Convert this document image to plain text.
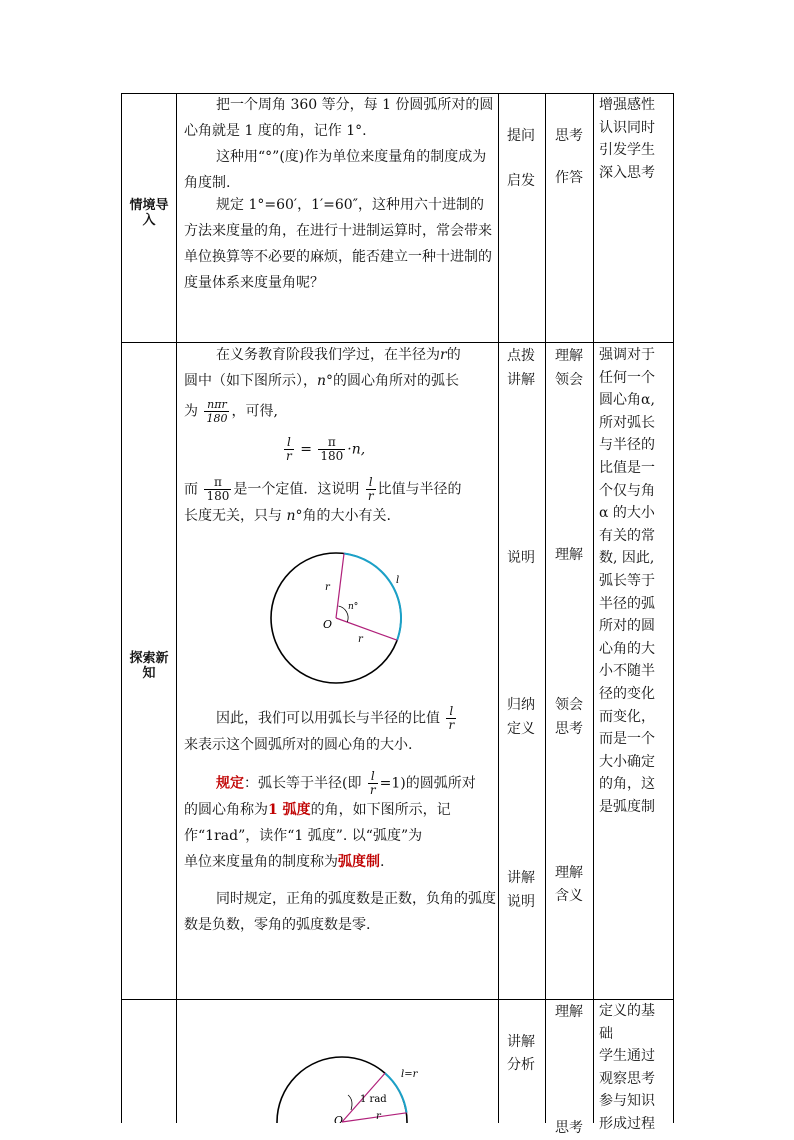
情境导入
把一个周角 360 等分，每 1 份圆弧所对的圆心角就是 1 度的角，记作 1°.
这种用“°”(度)作为单位来度量角的制度成为角度制.
规定 1°=60′，1′=60″，这种用六十进制的方法来度量的角，在进行十进制运算时，常会带来单位换算等不必要的麻烦，能否建立一种十进制的度量体系来度量角呢？
提问
启发
思考
作答
增强感性
认识同时
引发学生
深入思考
探索新知
在义务教育阶段我们学过，在半径为r的
圆中（如下图所示），n°的圆心角所对的弧长
为 $\frac{\text{nπr}}{180}$ ，可得,
$\frac{l}{r} = \frac{\pi}{180} \cdot n$,
而 $\frac{\pi}{180}$ 是一个定值．这说明 $\frac{l}{r}$ 比值与半径的
长度无关，只与 n°角的大小有关.
r
r
n°
O
l
因此，我们可以用弧长与半径的比值 $\frac{l}{r}$
来表示这个圆弧所对的圆心角的大小.
规定：弧长等于半径(即 $\frac{l}{r} =1$)的圆弧所对
的圆心角称为1 弧度的角，如下图所示，记
作“1rad”，读作“1 弧度”. 以“弧度”为
单位来度量角的制度称为弧度制.
同时规定，正角的弧度数是正数，负角的弧度数是负数，零角的弧度数是零.
点拨
讲解
说明
归纳
定义
讲解
说明
理解
领会
理解
领会
思考
理解
含义
强调对于
任何一个
圆心角α,
所对弧长
与半径的
比值是一
个仅与角
α 的大小
有关的常
数, 因此,
弧长等于
半径的弧
所对的圆
心角的大
小不随半
径的变化
而变化，
而是一个
大小确定
的角，这
是弧度制
1 rad
l=r
r
O
讲解
分析
理解
思考
定义的基
础
学生通过
观察思考
参与知识
形成过程
